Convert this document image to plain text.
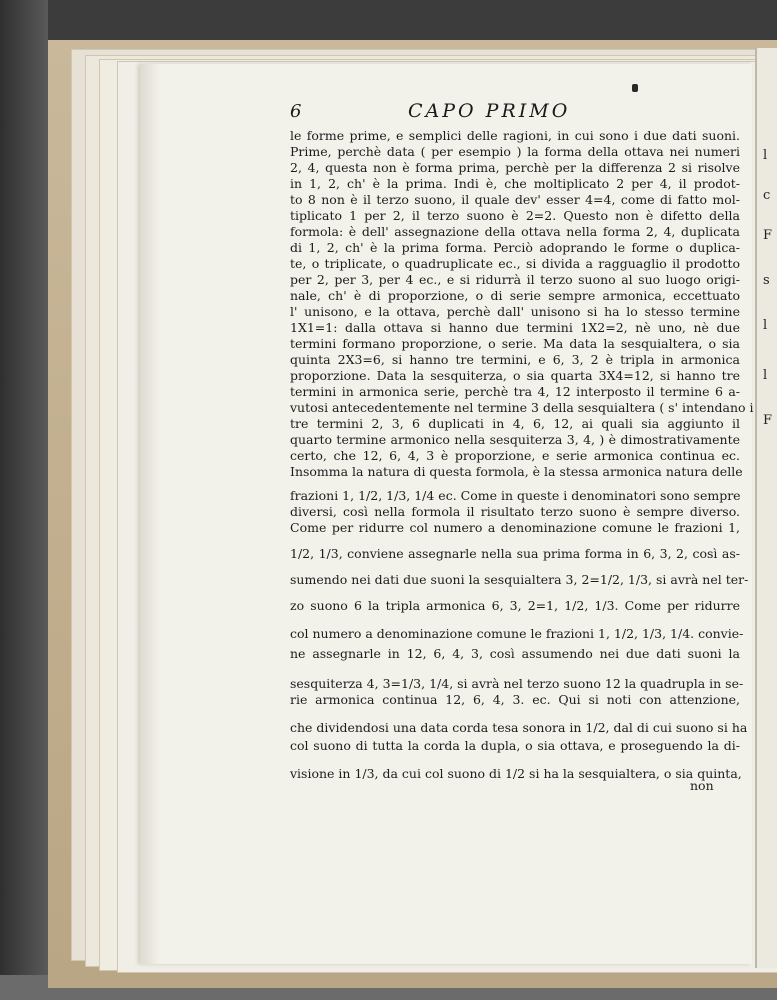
l
c
F
s
l
l
F
6	CAPO PRIMO
le forme prime, e semplici delle ragioni, in cui sono i due dati suoni.
Prime, perchè data ( per esempio ) la forma della ottava nei numeri
2, 4, questa non è forma prima, perchè per la differenza 2 si risolve
in 1, 2, ch' è la prima. Indi è, che moltiplicato 2 per 4, il prodot-
to 8 non è il terzo suono, il quale dev' esser 4=4, come di fatto mol-
tiplicato 1 per 2, il terzo suono è 2=2. Questo non è difetto della
formola: è dell' assegnazione della ottava nella forma 2, 4, duplicata
di 1, 2, ch' è la prima forma. Perciò adoprando le forme o duplica-
te, o triplicate, o quadruplicate ec., si divida a ragguaglio il prodotto
per 2, per 3, per 4 ec., e si ridurrà il terzo suono al suo luogo origi-
nale, ch' è di proporzione, o di serie sempre armonica, eccettuato
l' unisono, e la ottava, perchè dall' unisono si ha lo stesso termine
1X1=1: dalla ottava si hanno due termini 1X2=2, nè uno, nè due
termini formano proporzione, o serie. Ma data la sesquialtera, o sia
quinta 2X3=6, si hanno tre termini, e 6, 3, 2 è tripla in armonica
proporzione. Data la sesquiterza, o sia quarta 3X4=12, si hanno tre
termini in armonica serie, perchè tra 4, 12 interposto il termine 6 a-
vutosi antecedentemente nel termine 3 della sesquialtera ( s' intendano i
tre termini 2, 3, 6 duplicati in 4, 6, 12, ai quali sia aggiunto il
quarto termine armonico nella sesquiterza 3, 4, ) è dimostrativamente
certo, che 12, 6, 4, 3 è proporzione, e serie armonica continua ec.
Insomma la natura di questa formola, è la stessa armonica natura delle
frazioni 1, 1/2, 1/3, 1/4 ec. Come in queste i denominatori sono sempre
diversi, così nella formola il risultato terzo suono è sempre diverso.
Come per ridurre col numero a denominazione comune le frazioni 1,
1/2, 1/3, conviene assegnarle nella sua prima forma in 6, 3, 2, così as-
sumendo nei dati due suoni la sesquialtera 3, 2=1/2, 1/3, si avrà nel ter-
zo suono 6 la tripla armonica 6, 3, 2=1, 1/2, 1/3. Come per ridurre
col numero a denominazione comune le frazioni 1, 1/2, 1/3, 1/4. convie-
ne assegnarle in 12, 6, 4, 3, così assumendo nei due dati suoni la
sesquiterza 4, 3=1/3, 1/4, si avrà nel terzo suono 12 la quadrupla in se-
rie armonica continua 12, 6, 4, 3. ec. Qui si noti con attenzione,
che dividendosi una data corda tesa sonora in 1/2, dal di cui suono si ha
col suono di tutta la corda la dupla, o sia ottava, e proseguendo la di-
visione in 1/3, da cui col suono di 1/2 si ha la sesquialtera, o sia quinta,
non
